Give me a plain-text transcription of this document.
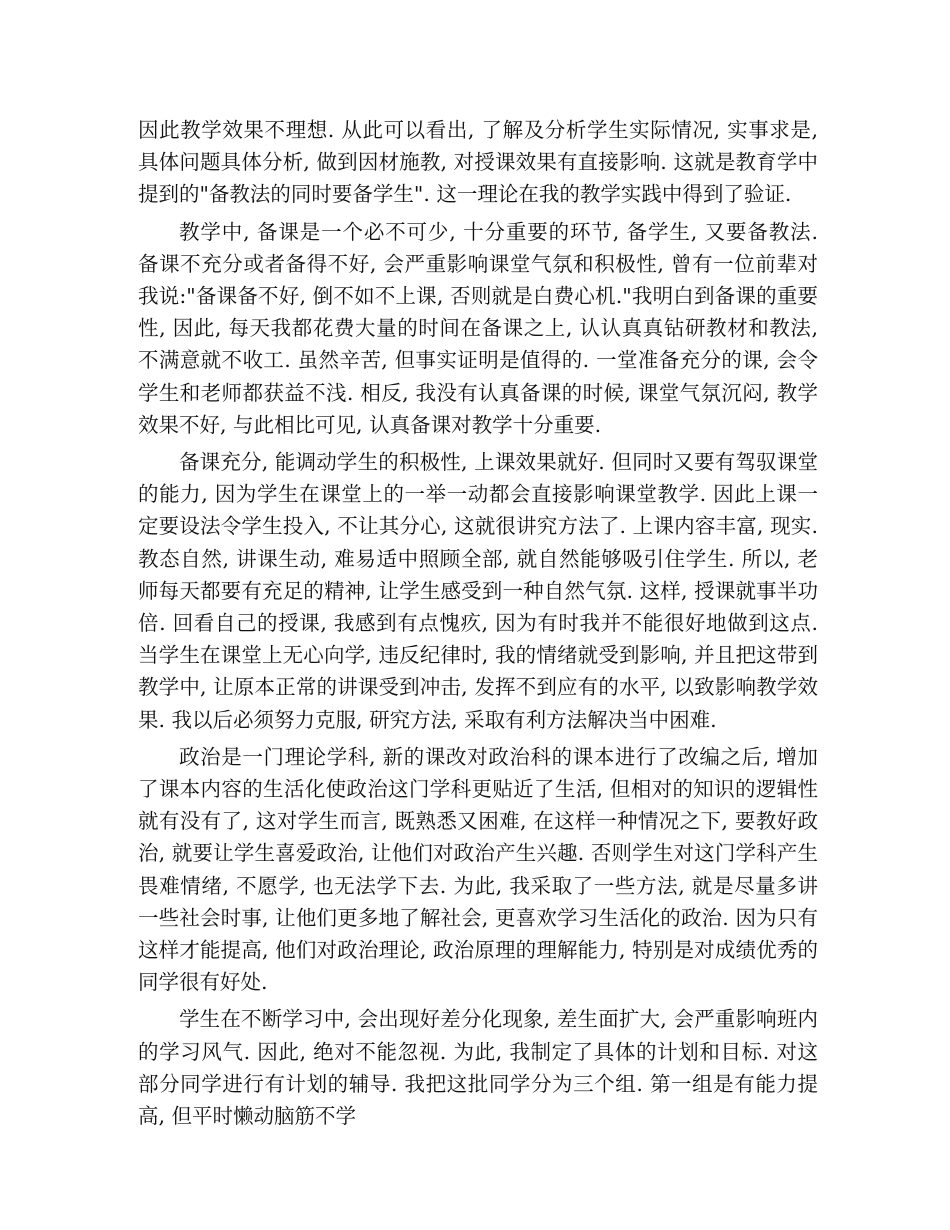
因此教学效果不理想. 从此可以看出, 了解及分析学生实际情况, 实事求是, 具体问题具体分析, 做到因材施教, 对授课效果有直接影响. 这就是教育学中提到的"备教法的同时要备学生". 这一理论在我的教学实践中得到了验证.

教学中, 备课是一个必不可少, 十分重要的环节, 备学生, 又要备教法. 备课不充分或者备得不好, 会严重影响课堂气氛和积极性, 曾有一位前辈对我说:"备课备不好, 倒不如不上课, 否则就是白费心机."我明白到备课的重要性, 因此, 每天我都花费大量的时间在备课之上, 认认真真钻研教材和教法, 不满意就不收工. 虽然辛苦, 但事实证明是值得的. 一堂准备充分的课, 会令学生和老师都获益不浅. 相反, 我没有认真备课的时候, 课堂气氛沉闷, 教学效果不好, 与此相比可见, 认真备课对教学十分重要.

备课充分, 能调动学生的积极性, 上课效果就好. 但同时又要有驾驭课堂的能力, 因为学生在课堂上的一举一动都会直接影响课堂教学. 因此上课一定要设法令学生投入, 不让其分心, 这就很讲究方法了. 上课内容丰富, 现实. 教态自然, 讲课生动, 难易适中照顾全部, 就自然能够吸引住学生. 所以, 老师每天都要有充足的精神, 让学生感受到一种自然气氛. 这样, 授课就事半功倍. 回看自己的授课, 我感到有点愧疚, 因为有时我并不能很好地做到这点. 当学生在课堂上无心向学, 违反纪律时, 我的情绪就受到影响, 并且把这带到教学中, 让原本正常的讲课受到冲击, 发挥不到应有的水平, 以致影响教学效果. 我以后必须努力克服, 研究方法, 采取有利方法解决当中困难.

政治是一门理论学科, 新的课改对政治科的课本进行了改编之后, 增加了课本内容的生活化使政治这门学科更贴近了生活, 但相对的知识的逻辑性就有没有了, 这对学生而言, 既熟悉又困难, 在这样一种情况之下, 要教好政治, 就要让学生喜爱政治, 让他们对政治产生兴趣. 否则学生对这门学科产生畏难情绪, 不愿学, 也无法学下去. 为此, 我采取了一些方法, 就是尽量多讲一些社会时事, 让他们更多地了解社会, 更喜欢学习生活化的政治. 因为只有这样才能提高, 他们对政治理论, 政治原理的理解能力, 特别是对成绩优秀的同学很有好处.

学生在不断学习中, 会出现好差分化现象, 差生面扩大, 会严重影响班内的学习风气. 因此, 绝对不能忽视. 为此, 我制定了具体的计划和目标. 对这部分同学进行有计划的辅导. 我把这批同学分为三个组. 第一组是有能力提高, 但平时懒动脑筋不学
